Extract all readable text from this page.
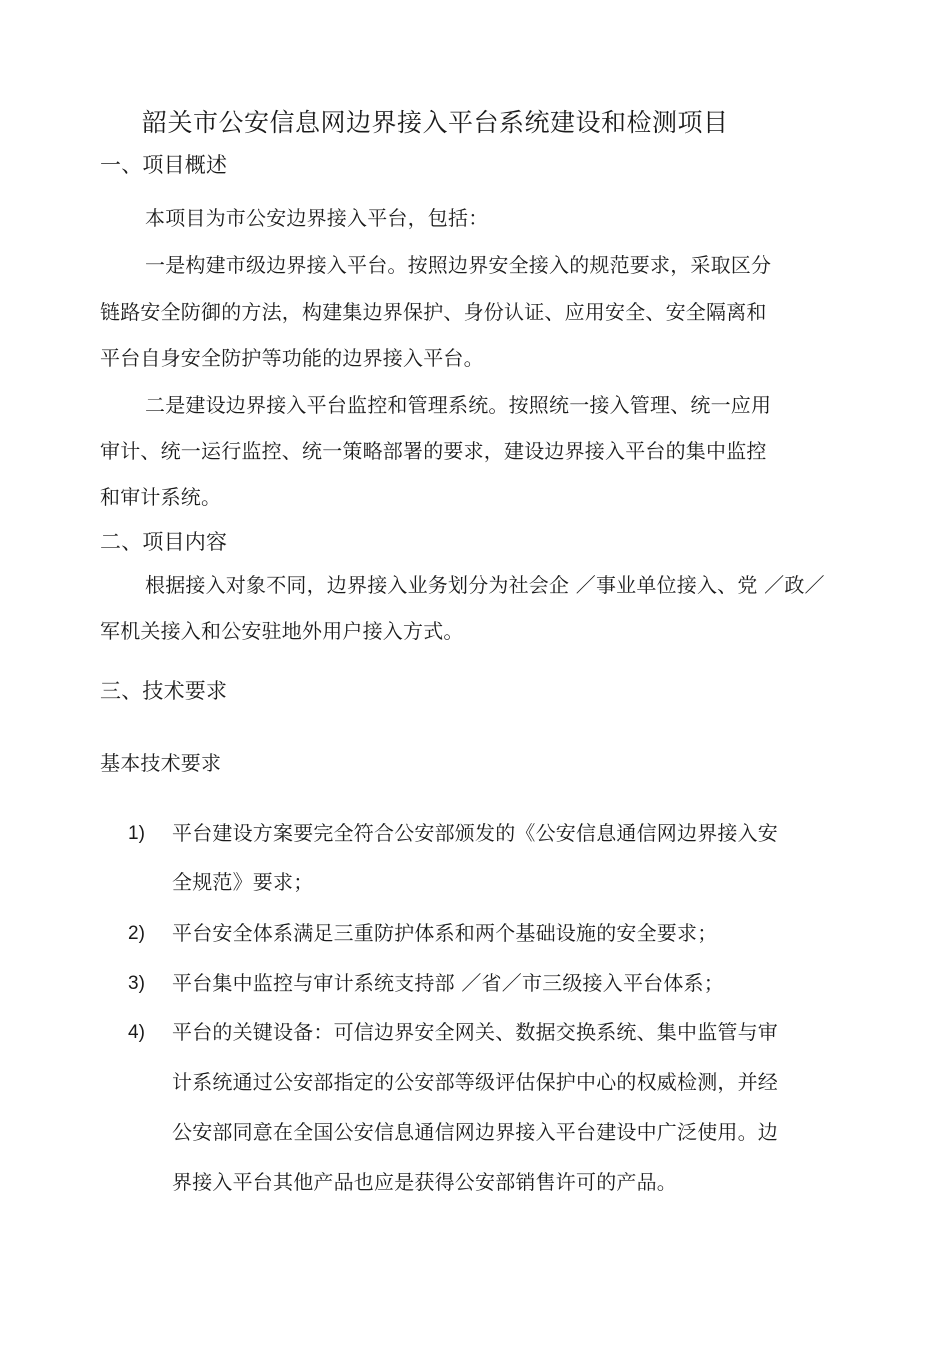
韶关市公安信息网边界接入平台系统建设和检测项目
一、项目概述
本项目为市公安边界接入平台，包括：
一是构建市级边界接入平台。按照边界安全接入的规范要求，采取区分
链路安全防御的方法，构建集边界保护、身份认证、应用安全、安全隔离和
平台自身安全防护等功能的边界接入平台。
二是建设边界接入平台监控和管理系统。按照统一接入管理、统一应用
审计、统一运行监控、统一策略部署的要求，建设边界接入平台的集中监控
和审计系统。
二、项目内容
根据接入对象不同，边界接入业务划分为社会企 ／事业单位接入、党 ／政／
军机关接入和公安驻地外用户接入方式。
三、技术要求
基本技术要求
1) 平台建设方案要完全符合公安部颁发的《公安信息通信网边界接入安
全规范》要求；
2) 平台安全体系满足三重防护体系和两个基础设施的安全要求；
3) 平台集中监控与审计系统支持部 ／省／市三级接入平台体系；
4) 平台的关键设备：可信边界安全网关、数据交换系统、集中监管与审
计系统通过公安部指定的公安部等级评估保护中心的权威检测，并经
公安部同意在全国公安信息通信网边界接入平台建设中广泛使用。边
界接入平台其他产品也应是获得公安部销售许可的产品。
